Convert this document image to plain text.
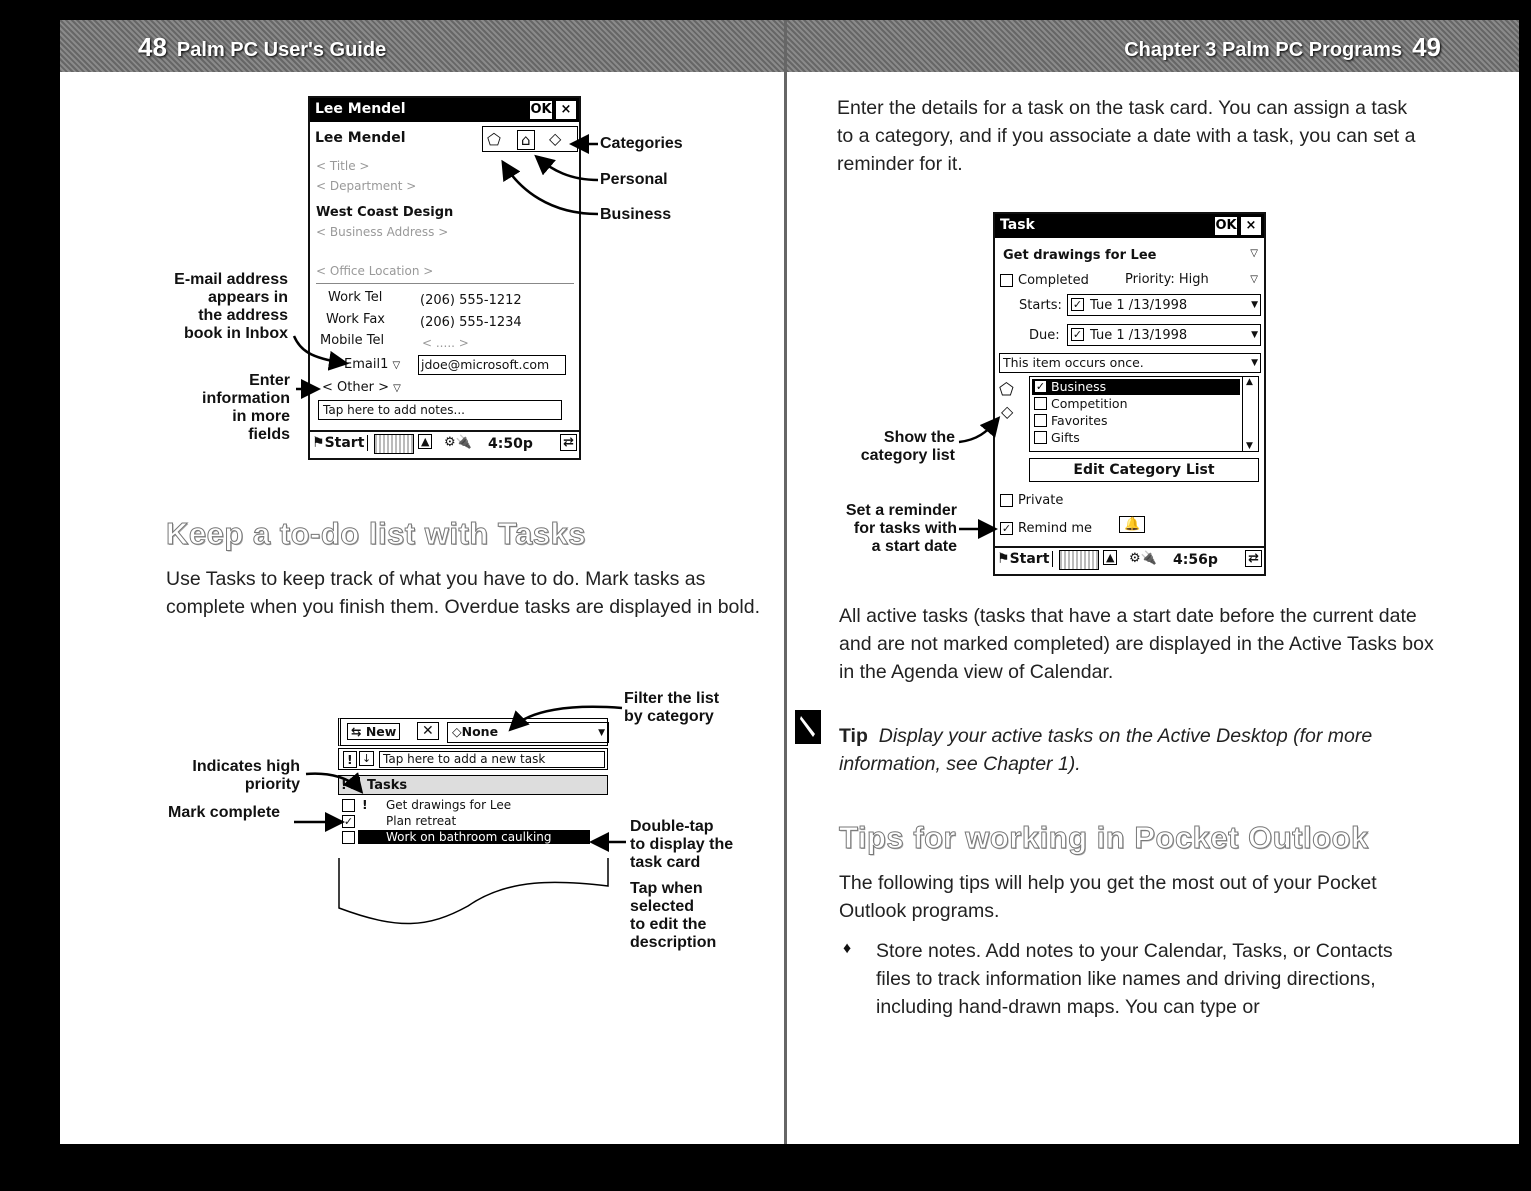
48 Palm PC User's Guide
Lee Mendel	OK ×
Lee Mendel	⬠ ⌂ ◇
< Title >
< Department >
West Coast Design
< Business Address >
< Office Location >
Work Tel	(206) 555-1212
Work Fax	(206) 555-1234
Mobile Tel	< ..... >
Email1 ▽ jdoe@microsoft.com
< Other > ▽
Tap here to add notes...
⚑Start	▲ ⚙🔌 4:50p ⇄
Categories
Personal
Business
E-mail address
appears in
the address
book in Inbox
Enter
information
in more
fields
Keep a to-do list with Tasks
Use Tasks to keep track of what you have to do. Mark tasks as complete when you finish them. Overdue tasks are displayed in bold.
⇆ New	✕	◇None	▼
! ↓ Tap here to add a new task
!↓ Tasks
! Get drawings for Lee
✓	Plan retreat
Work on bathroom caulking
Filter the list
by category
Indicates high
priority
Mark complete
Double-tap
to display the
task card
Tap when
selected
to edit the
description
Chapter 3 Palm PC Programs 49
Enter the details for a task on the task card. You can assign a task to a category, and if you associate a date with a task, you can set a reminder for it.
Task	OK ×
Get drawings for Lee	▽
Completed	Priority: High	▽
Starts: ✓ Tue 1 /13/1998	▼
Due: ✓ Tue 1 /13/1998	▼
This item occurs once.	▼
⬠
◇
✓ Business
Competition
Favorites
Gifts
▲
▼
Edit Category List
Private
✓ Remind me	🔔
⚑Start	▲ ⚙🔌 4:56p ⇄
Show the
category list
Set a reminder
for tasks with
a start date
All active tasks (tasks that have a start date before the current date and are not marked completed) are displayed in the Active Tasks box in the Agenda view of Calendar.
Tip Display your active tasks on the Active Desktop (for more information, see Chapter 1).
Tips for working in Pocket Outlook
The following tips will help you get the most out of your Pocket Outlook programs.
♦ Store notes. Add notes to your Calendar, Tasks, or Contacts files to track information like names and driving directions, including hand-drawn maps. You can type or
